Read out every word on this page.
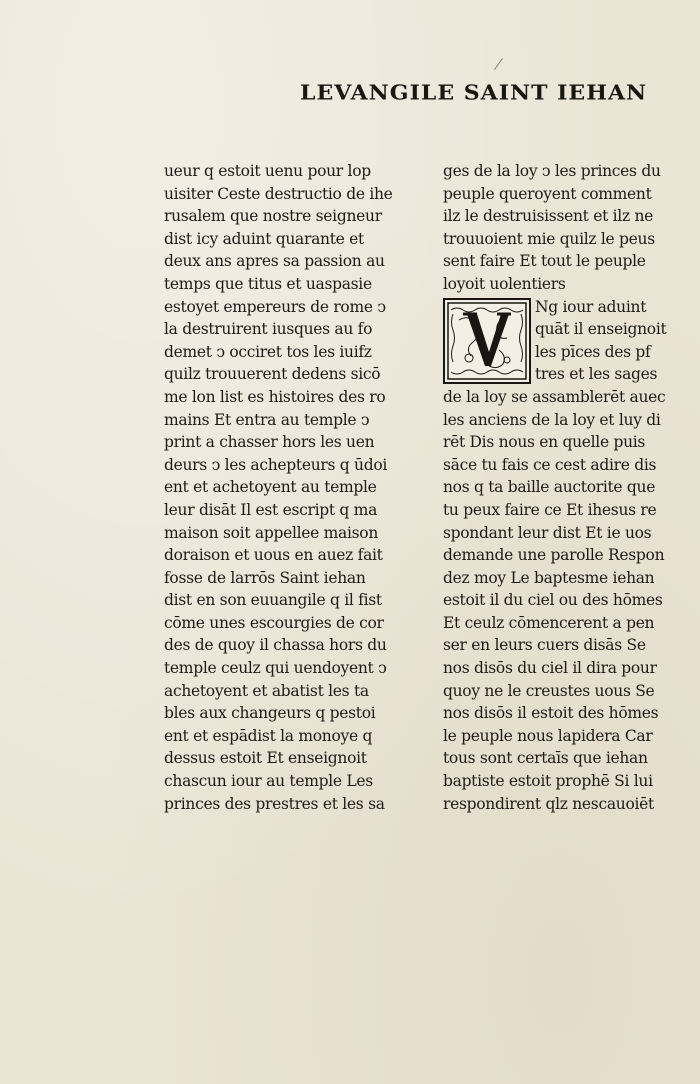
LEVANGILE SAINT IEHAN
ueur q estoit uenu pour lop
uisiter Ceste destructio de ihe
rusalem que nostre seigneur
dist icy aduint quarante et
deux ans apres sa passion au
temps que titus et uaspasie
estoyet empereurs de rome ↄ
la destruirent iusques au fo
demet ↄ occiret tos les iuifz
quilz trouuerent dedens sicō
me lon list es histoires des ro
mains Et entra au temple ↄ
print a chasser hors les uen
deurs ↄ les achepteurs q ūdoi
ent et achetoyent au temple
leur disāt Il est escript q ma
maison soit appellee maison
doraison et uous en auez fait
fosse de larrōs Saint iehan
dist en son euuangile q il fist
cōme unes escourgies de cor
des de quoy il chassa hors du
temple ceulz qui uendoyent ↄ
achetoyent et abatist les ta
bles aux changeurs q pestoi
ent et espādist la monoye q
dessus estoit Et enseignoit
chascun iour au temple Les
princes des prestres et les sa
ges de la loy ↄ les princes du
peuple queroyent comment
ilz le destruisissent et ilz ne
trouuoient mie quilz le peus
sent faire Et tout le peuple
loyoit uolentiers
Ng iour aduint
quāt il enseignoit
les pīces des pf
tres et les sages
de la loy se assamblerēt auec
les anciens de la loy et luy di
rēt Dis nous en quelle puis
sāce tu fais ce cest adire dis
nos q ta baille auctorite que
tu peux faire ce Et ihesus re
spondant leur dist Et ie uos
demande une parolle Respon
dez moy Le baptesme iehan
estoit il du ciel ou des hōmes
Et ceulz cōmencerent a pen
ser en leurs cuers disās Se
nos disōs du ciel il dira pour
quoy ne le creustes uous Se
nos disōs il estoit des hōmes
le peuple nous lapidera Car
tous sont certaīs que iehan
baptiste estoit prophē Si lui
respondirent qlz nescauoiēt
